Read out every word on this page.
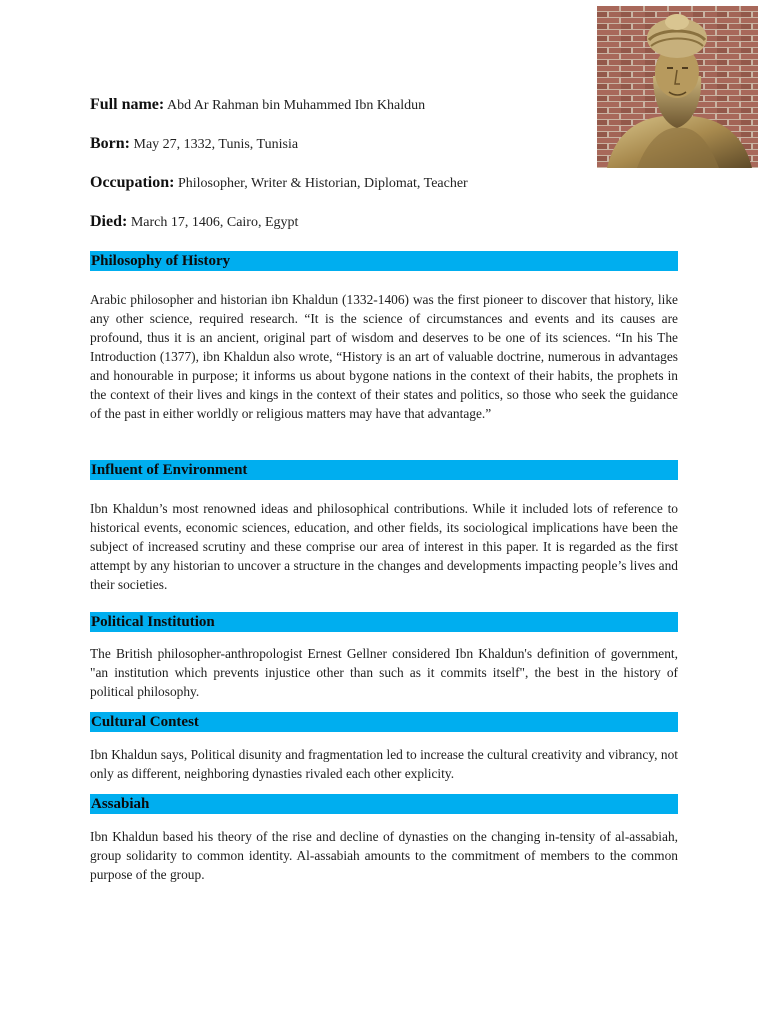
Full name: Abd Ar Rahman bin Muhammed Ibn Khaldun
Born: May 27, 1332, Tunis, Tunisia
Occupation: Philosopher, Writer & Historian, Diplomat, Teacher
Died: March 17, 1406, Cairo, Egypt
Philosophy of History

Arabic philosopher and historian ibn Khaldun (1332-1406) was the first pioneer to discover that history, like any other science, required research. “It is the science of circumstances and events and its causes are profound, thus it is an ancient, original part of wisdom and deserves to be one of its sciences. “In his The Introduction (1377), ibn Khaldun also wrote, “History is an art of valuable doctrine, numerous in advantages and honourable in purpose; it informs us about bygone nations in the context of their habits, the prophets in the context of their lives and kings in the context of their states and politics, so those who seek the guidance of the past in either worldly or religious matters may have that advantage.”

Influent of Environment

Ibn Khaldun’s most renowned ideas and philosophical contributions. While it included lots of reference to historical events, economic sciences, education, and other fields, its sociological implications have been the subject of increased scrutiny and these comprise our area of interest in this paper. It is regarded as the first attempt by any historian to uncover a structure in the changes and developments impacting people’s lives and their societies.

Political Institution

The British philosopher-anthropologist Ernest Gellner considered Ibn Khaldun's definition of government, "an institution which prevents injustice other than such as it commits itself", the best in the history of political philosophy.

Cultural Contest

Ibn Khaldun says, Political disunity and fragmentation led to increase the cultural creativity and vibrancy, not only as different, neighboring dynasties rivaled each other explicity.

Assabiah

Ibn Khaldun based his theory of the rise and decline of dynasties on the changing in-tensity of al-assabiah, group solidarity to common identity. Al-assabiah amounts to the commitment of members to the common purpose of the group.
